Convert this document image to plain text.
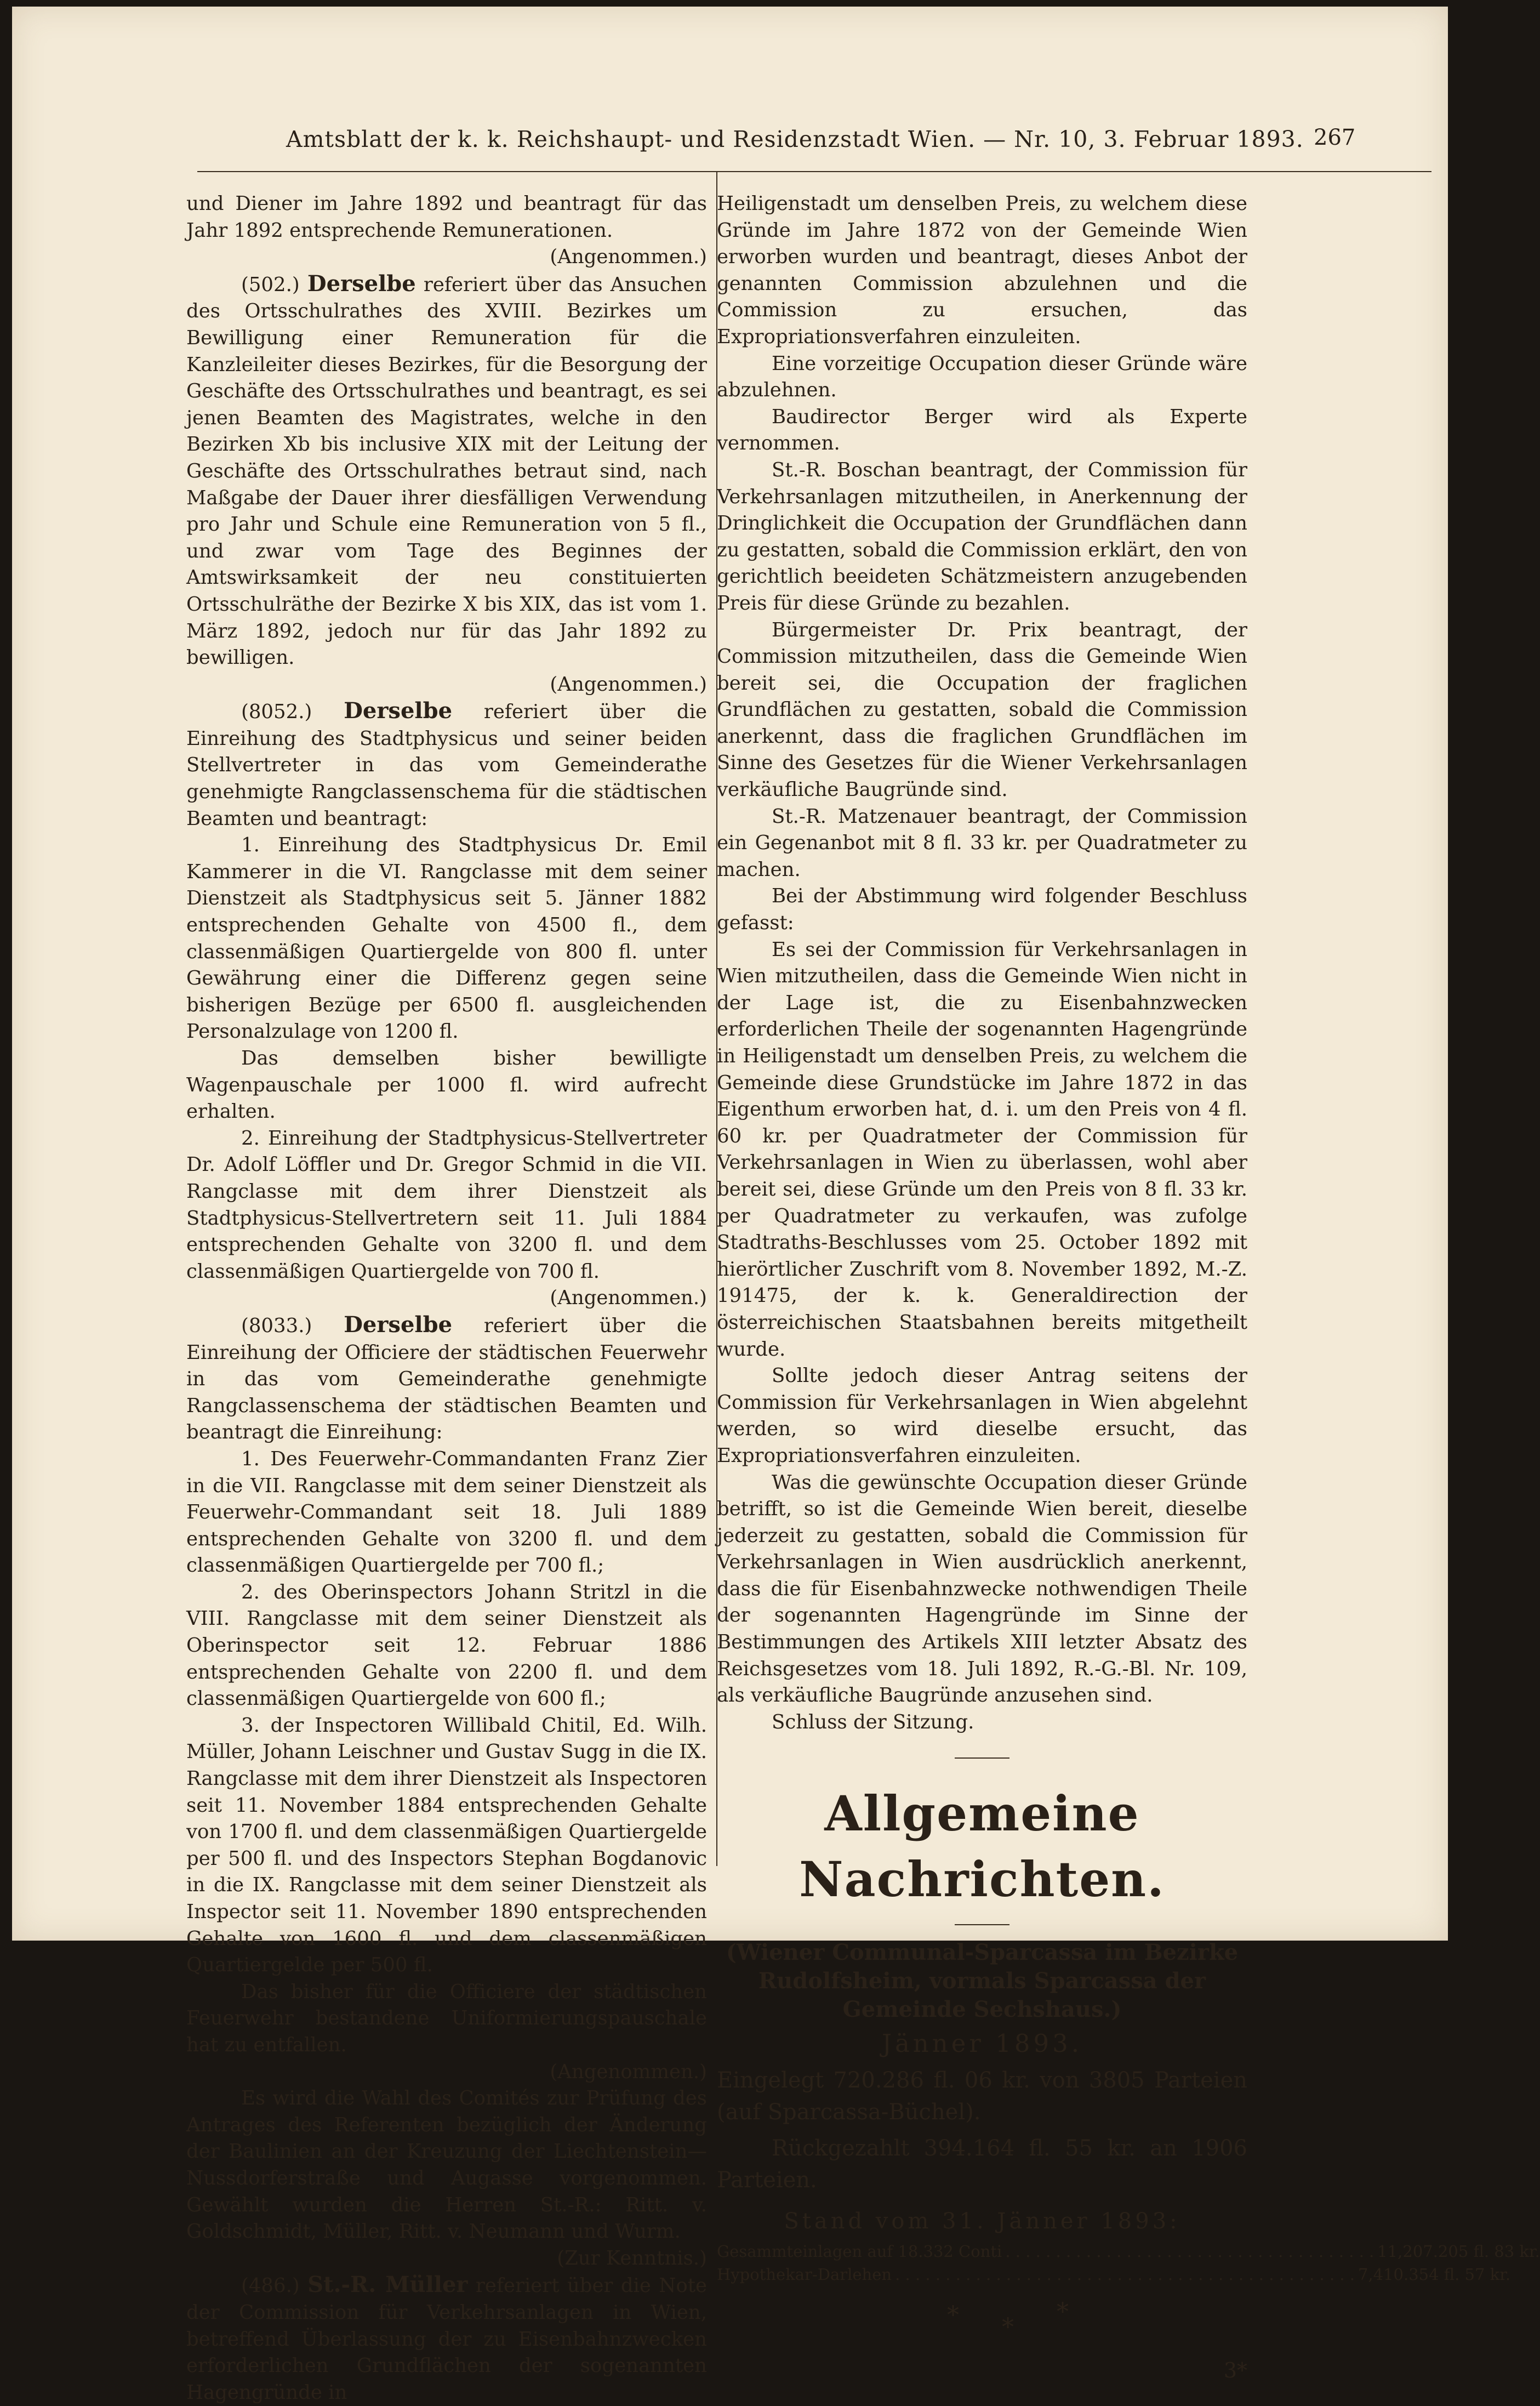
Amtsblatt der k. k. Reichshaupt- und Residenzstadt Wien. — Nr. 10, 3. Februar 1893. 267

und Diener im Jahre 1892 und beantragt für das Jahr 1892 entsprechende Remunerationen.

(Angenommen.)

(502.) Derselbe referiert über das Ansuchen des Ortsschulrathes des XVIII. Bezirkes um Bewilligung einer Remuneration für die Kanzleileiter dieses Bezirkes, für die Besorgung der Geschäfte des Ortsschulrathes und beantragt, es sei jenen Beamten des Magistrates, welche in den Bezirken Xb bis inclusive XIX mit der Leitung der Geschäfte des Ortsschulrathes betraut sind, nach Maßgabe der Dauer ihrer diesfälligen Verwendung pro Jahr und Schule eine Remuneration von 5 fl., und zwar vom Tage des Beginnes der Amtswirksamkeit der neu constituierten Ortsschulräthe der Bezirke X bis XIX, das ist vom 1. März 1892, jedoch nur für das Jahr 1892 zu bewilligen.

(Angenommen.)

(8052.) Derselbe referiert über die Einreihung des Stadtphysicus und seiner beiden Stellvertreter in das vom Gemeinderathe genehmigte Rangclassenschema für die städtischen Beamten und beantragt:

1. Einreihung des Stadtphysicus Dr. Emil Kammerer in die VI. Rangclasse mit dem seiner Dienstzeit als Stadtphysicus seit 5. Jänner 1882 entsprechenden Gehalte von 4500 fl., dem classenmäßigen Quartiergelde von 800 fl. unter Gewährung einer die Differenz gegen seine bisherigen Bezüge per 6500 fl. ausgleichenden Personalzulage von 1200 fl.

Das demselben bisher bewilligte Wagenpauschale per 1000 fl. wird aufrecht erhalten.

2. Einreihung der Stadtphysicus-Stellvertreter Dr. Adolf Löffler und Dr. Gregor Schmid in die VII. Rangclasse mit dem ihrer Dienstzeit als Stadtphysicus-Stellvertretern seit 11. Juli 1884 entsprechenden Gehalte von 3200 fl. und dem classenmäßigen Quartiergelde von 700 fl.

(Angenommen.)

(8033.) Derselbe referiert über die Einreihung der Officiere der städtischen Feuerwehr in das vom Gemeinderathe genehmigte Rangclassenschema der städtischen Beamten und beantragt die Einreihung:

1. Des Feuerwehr-Commandanten Franz Zier in die VII. Rangclasse mit dem seiner Dienstzeit als Feuerwehr-Commandant seit 18. Juli 1889 entsprechenden Gehalte von 3200 fl. und dem classenmäßigen Quartiergelde per 700 fl.;

2. des Oberinspectors Johann Stritzl in die VIII. Rangclasse mit dem seiner Dienstzeit als Oberinspector seit 12. Februar 1886 entsprechenden Gehalte von 2200 fl. und dem classenmäßigen Quartiergelde von 600 fl.;

3. der Inspectoren Willibald Chitil, Ed. Wilh. Müller, Johann Leischner und Gustav Sugg in die IX. Rangclasse mit dem ihrer Dienstzeit als Inspectoren seit 11. November 1884 entsprechenden Gehalte von 1700 fl. und dem classenmäßigen Quartiergelde per 500 fl. und des Inspectors Stephan Bogdanovic in die IX. Rangclasse mit dem seiner Dienstzeit als Inspector seit 11. November 1890 entsprechenden Gehalte von 1600 fl. und dem classenmäßigen Quartiergelde per 500 fl.

Das bisher für die Officiere der städtischen Feuerwehr bestandene Uniformierungspauschale hat zu entfallen.

(Angenommen.)

Es wird die Wahl des Comités zur Prüfung des Antrages des Referenten bezüglich der Änderung der Baulinien an der Kreuzung der Liechtenstein—Nussdorferstraße und Augasse vorgenommen. Gewählt wurden die Herren St.-R.: Ritt. v. Goldschmidt, Müller, Ritt. v. Neumann und Wurm.

(Zur Kenntnis.)

(486.) St.-R. Müller referiert über die Note der Commission für Verkehrsanlagen in Wien, betreffend Überlassung der zu Eisenbahnzwecken erforderlichen Grundflächen der sogenannten Hagengründe in

Heiligenstadt um denselben Preis, zu welchem diese Gründe im Jahre 1872 von der Gemeinde Wien erworben wurden und beantragt, dieses Anbot der genannten Commission abzulehnen und die Commission zu ersuchen, das Expropriationsverfahren einzuleiten.

Eine vorzeitige Occupation dieser Gründe wäre abzulehnen.

Baudirector Berger wird als Experte vernommen.

St.-R. Boschan beantragt, der Commission für Verkehrsanlagen mitzutheilen, in Anerkennung der Dringlichkeit die Occupation der Grundflächen dann zu gestatten, sobald die Commission erklärt, den von gerichtlich beeideten Schätzmeistern anzugebenden Preis für diese Gründe zu bezahlen.

Bürgermeister Dr. Prix beantragt, der Commission mitzutheilen, dass die Gemeinde Wien bereit sei, die Occupation der fraglichen Grundflächen zu gestatten, sobald die Commission anerkennt, dass die fraglichen Grundflächen im Sinne des Gesetzes für die Wiener Verkehrsanlagen verkäufliche Baugründe sind.

St.-R. Matzenauer beantragt, der Commission ein Gegenanbot mit 8 fl. 33 kr. per Quadratmeter zu machen.

Bei der Abstimmung wird folgender Beschluss gefasst:

Es sei der Commission für Verkehrsanlagen in Wien mitzutheilen, dass die Gemeinde Wien nicht in der Lage ist, die zu Eisenbahnzwecken erforderlichen Theile der sogenannten Hagengründe in Heiligenstadt um denselben Preis, zu welchem die Gemeinde diese Grundstücke im Jahre 1872 in das Eigenthum erworben hat, d. i. um den Preis von 4 fl. 60 kr. per Quadratmeter der Commission für Verkehrsanlagen in Wien zu überlassen, wohl aber bereit sei, diese Gründe um den Preis von 8 fl. 33 kr. per Quadratmeter zu verkaufen, was zufolge Stadtraths-Beschlusses vom 25. October 1892 mit hierörtlicher Zuschrift vom 8. November 1892, M.-Z. 191475, der k. k. Generaldirection der österreichischen Staatsbahnen bereits mitgetheilt wurde.

Sollte jedoch dieser Antrag seitens der Commission für Verkehrsanlagen in Wien abgelehnt werden, so wird dieselbe ersucht, das Expropriationsverfahren einzuleiten.

Was die gewünschte Occupation dieser Gründe betrifft, so ist die Gemeinde Wien bereit, dieselbe jederzeit zu gestatten, sobald die Commission für Verkehrsanlagen in Wien ausdrücklich anerkennt, dass die für Eisenbahnzwecke nothwendigen Theile der sogenannten Hagengründe im Sinne der Bestimmungen des Artikels XIII letzter Absatz des Reichsgesetzes vom 18. Juli 1892, R.-G.-Bl. Nr. 109, als verkäufliche Baugründe anzusehen sind.

Schluss der Sitzung.

Allgemeine Nachrichten.

(Wiener Communal-Sparcassa im Bezirke Rudolfsheim, vormals Sparcassa der Gemeinde Sechshaus.)

Jänner 1893.

Eingelegt 720.286 fl. 06 kr. von 3805 Parteien (auf Sparcassa-Büchel).

Rückgezahlt 394.164 fl. 55 kr. an 1906 Parteien.

Stand vom 31. Jänner 1893:

Gesammteinlagen auf 18.332 Conti . . . . . . . . . . . . . . . . . . . . . . . . . . . . . . . . . . . . . 11,207.205 fl. 83 kr.
Hypothekar-Darlehen . . . . . . . . . . . . . . . . . . . . . . . . . . . . . . . . . . . . . . . . . . . . . . 7,410.354 fl. 57 kr.
* *
*

3*
